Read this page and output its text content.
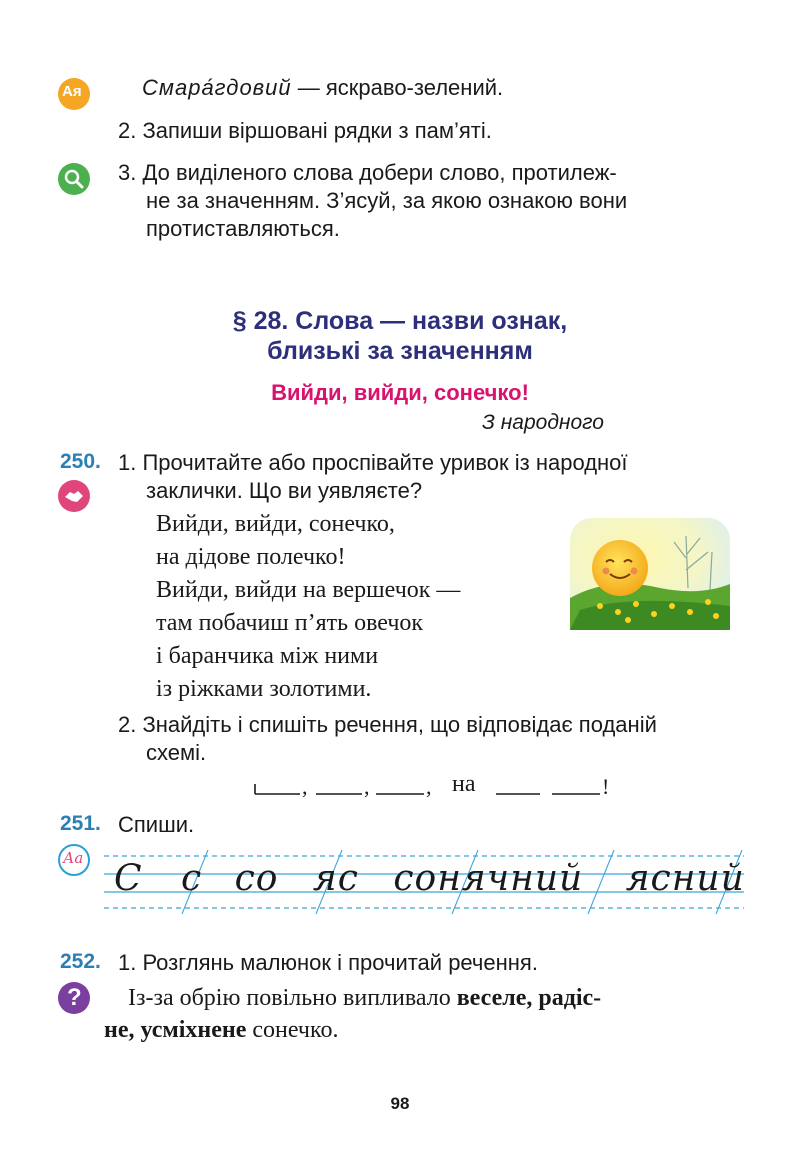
Ая	Смара́гдовий — яскраво-зелений.
2. Запиши віршовані рядки з пам’яті.
3. До виділеного слова добери слово, протилеж-
не за значенням. З’ясуй, за якою ознакою вони
протиставляються.
§ 28. Слова — назви ознак,
близькі за значенням
Вийди, вийди, сонечко!
З народного
250. 1. Прочитайте або проспівайте уривок із народної
заклички. Що ви уявляєте?
Вийди, вийди, сонечко,
на дідове полечко!
Вийди, вийди на вершечок —
там побачиш п’ять овечок
і баранчика між ними
із ріжками золотими.
2. Знайдіть і спишіть речення, що відповідає поданій
схемі.
,	,	,	!
на
251. Спиши.
Аа С с со яс сонячний ясний
252. 1. Розглянь малюнок і прочитай речення.
? Із-за обрію повільно випливало веселе, радіс-
не, усміхнене сонечко.
98
